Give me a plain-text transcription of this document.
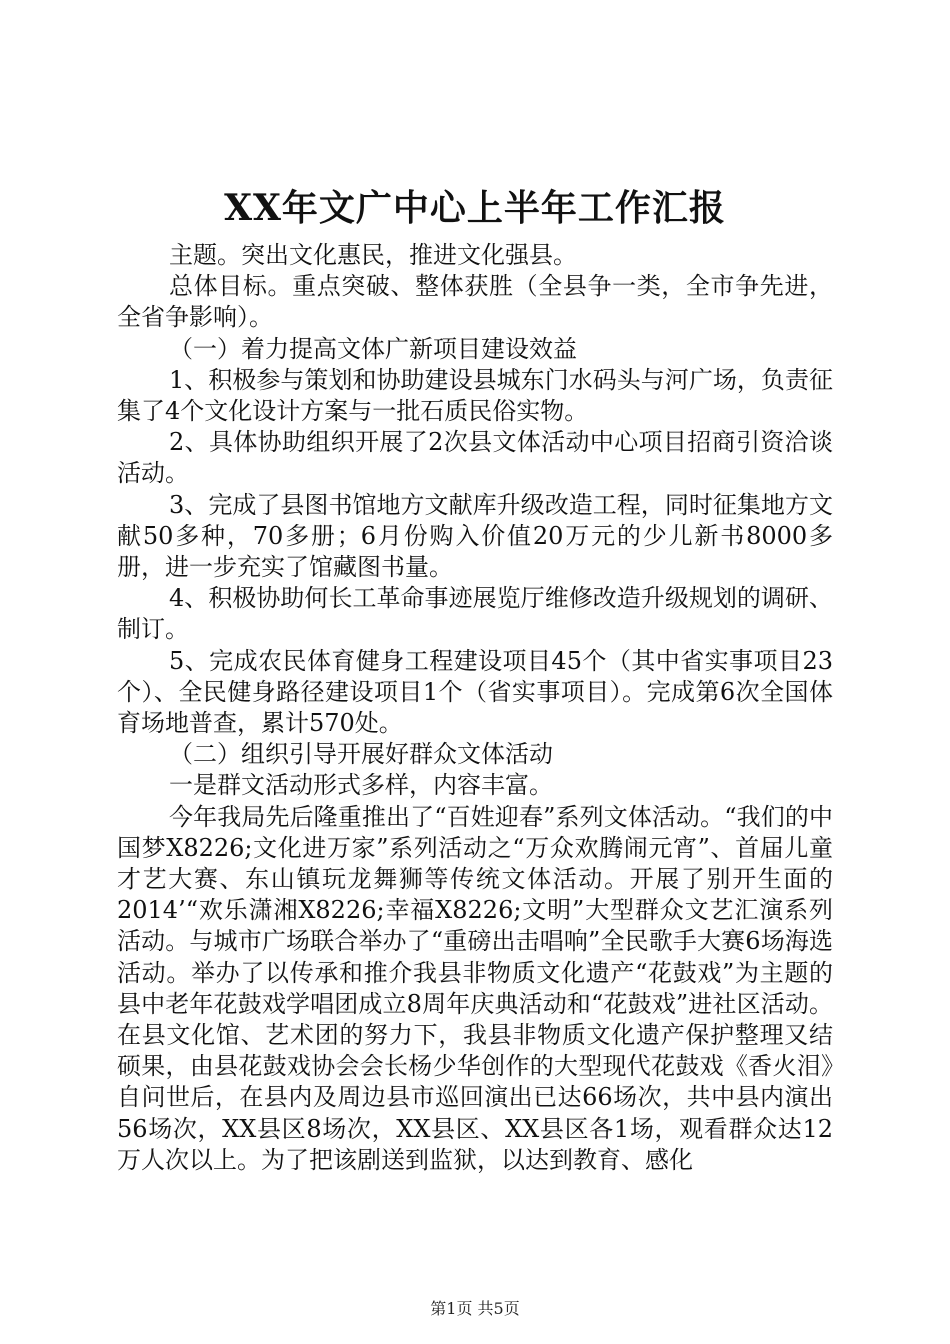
XX年文广中心上半年工作汇报

主题。突出文化惠民，推进文化强县。

总体目标。重点突破、整体获胜（全县争一类，全市争先进，全省争影响）。

（一）着力提高文体广新项目建设效益

1、积极参与策划和协助建设县城东门水码头与河广场，负责征集了4个文化设计方案与一批石质民俗实物。

2、具体协助组织开展了2次县文体活动中心项目招商引资洽谈活动。

3、完成了县图书馆地方文献库升级改造工程，同时征集地方文献50多种，70多册；6月份购入价值20万元的少儿新书8000多册，进一步充实了馆藏图书量。

4、积极协助何长工革命事迹展览厅维修改造升级规划的调研、制订。

5、完成农民体育健身工程建设项目45个（其中省实事项目23个）、全民健身路径建设项目1个（省实事项目）。完成第6次全国体育场地普查，累计570处。

（二）组织引导开展好群众文体活动

一是群文活动形式多样，内容丰富。

今年我局先后隆重推出了“百姓迎春”系列文体活动。“我们的中国梦X8226;文化进万家”系列活动之“万众欢腾闹元宵”、首届儿童才艺大赛、东山镇玩龙舞狮等传统文体活动。开展了别开生面的2014’“欢乐潇湘X8226;幸福X8226;文明”大型群众文艺汇演系列活动。与城市广场联合举办了“重磅出击唱响”全民歌手大赛6场海选活动。举办了以传承和推介我县非物质文化遗产“花鼓戏”为主题的县中老年花鼓戏学唱团成立8周年庆典活动和“花鼓戏”进社区活动。在县文化馆、艺术团的努力下，我县非物质文化遗产保护整理又结硕果，由县花鼓戏协会会长杨少华创作的大型现代花鼓戏《香火泪》自问世后，在县内及周边县市巡回演出已达66场次，共中县内演出56场次，XX县区8场次，XX县区、XX县区各1场，观看群众达12万人次以上。为了把该剧送到监狱，以达到教育、感化

第1页 共5页
